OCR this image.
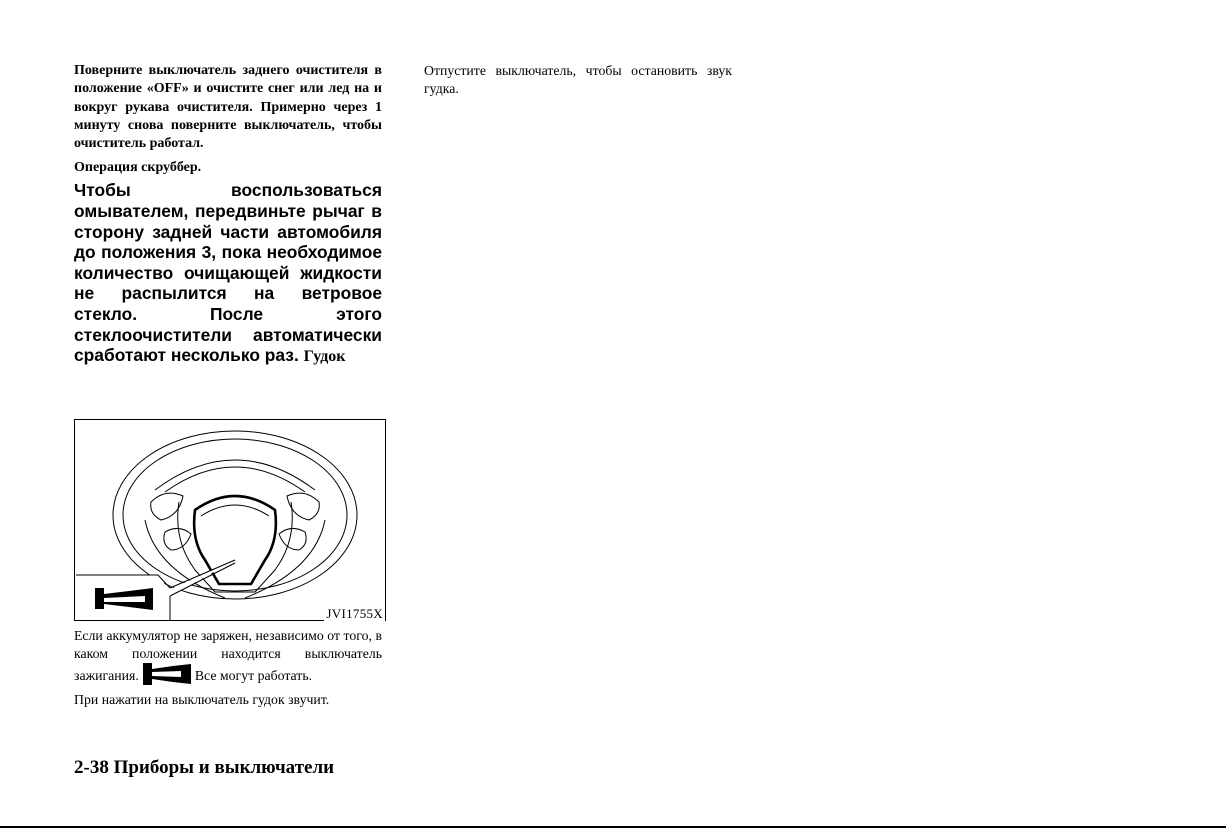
Поверните выключатель заднего очистителя в положение «OFF» и очистите снег или лед на и вокруг рукава очистителя. Примерно через 1 минуту снова поверните выключатель, чтобы очиститель работал.

Операция скруббер.

Чтобы воспользоваться омывателем, передвиньте рычаг в сторону задней части автомобиля до положения 3, пока необходимое количество очищающей жидкости не распылится на ветровое стекло. После этого стеклоочистители автоматически сработают несколько раз. Гудок

JVI1755X

Если аккумулятор не заряжен, независимо от того, в каком положении находится выключатель зажигания.	Все могут работать.

При нажатии на выключатель гудок звучит.

Отпустите выключатель, чтобы остановить звук гудка.

2-38 Приборы и выключатели
